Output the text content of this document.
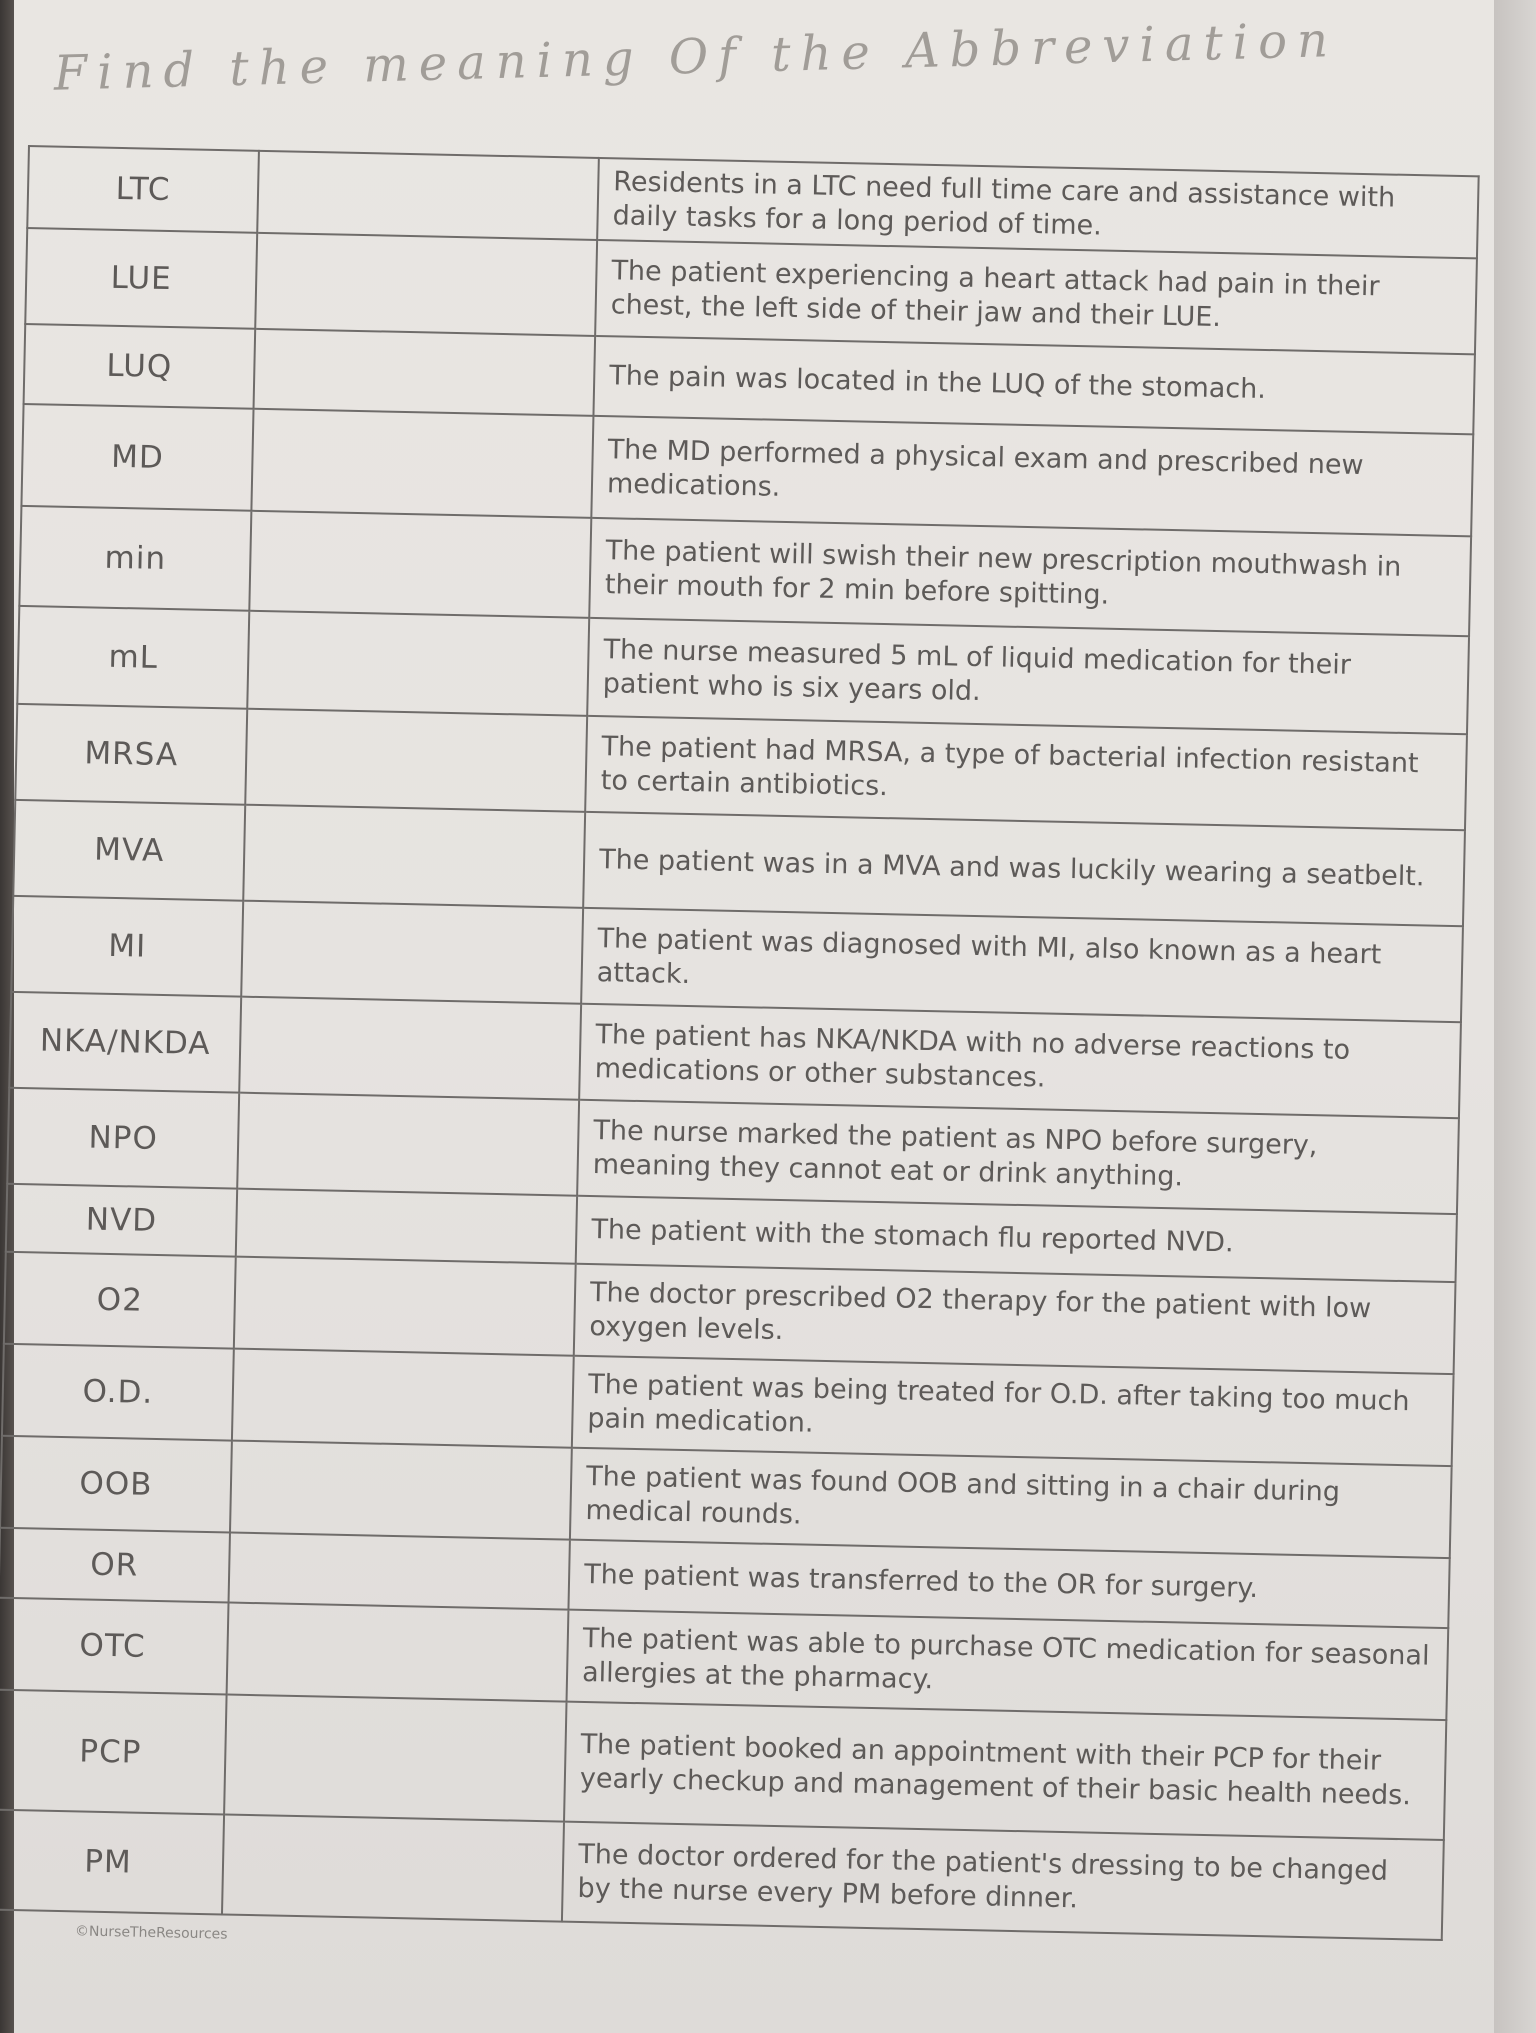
Find the meaning Of the Abbreviation
LTC		Residents in a LTC need full time care and assistance with daily tasks for a long period of time.
LUE		The patient experiencing a heart attack had pain in their chest, the left side of their jaw and their LUE.
LUQ		The pain was located in the LUQ of the stomach.
MD		The MD performed a physical exam and prescribed new medications.
min		The patient will swish their new prescription mouthwash in their mouth for 2 min before spitting.
mL		The nurse measured 5 mL of liquid medication for their patient who is six years old.
MRSA		The patient had MRSA, a type of bacterial infection resistant to certain antibiotics.
MVA		The patient was in a MVA and was luckily wearing a seatbelt.
MI		The patient was diagnosed with MI, also known as a heart attack.
NKA/NKDA		The patient has NKA/NKDA with no adverse reactions to medications or other substances.
NPO		The nurse marked the patient as NPO before surgery, meaning they cannot eat or drink anything.
NVD		The patient with the stomach flu reported NVD.
O2		The doctor prescribed O2 therapy for the patient with low oxygen levels.
O.D.		The patient was being treated for O.D. after taking too much pain medication.
OOB		The patient was found OOB and sitting in a chair during medical rounds.
OR		The patient was transferred to the OR for surgery.
OTC		The patient was able to purchase OTC medication for seasonal allergies at the pharmacy.
PCP		The patient booked an appointment with their PCP for their yearly checkup and management of their basic health needs.
PM		The doctor ordered for the patient's dressing to be changed by the nurse every PM before dinner.
©NurseTheResources
